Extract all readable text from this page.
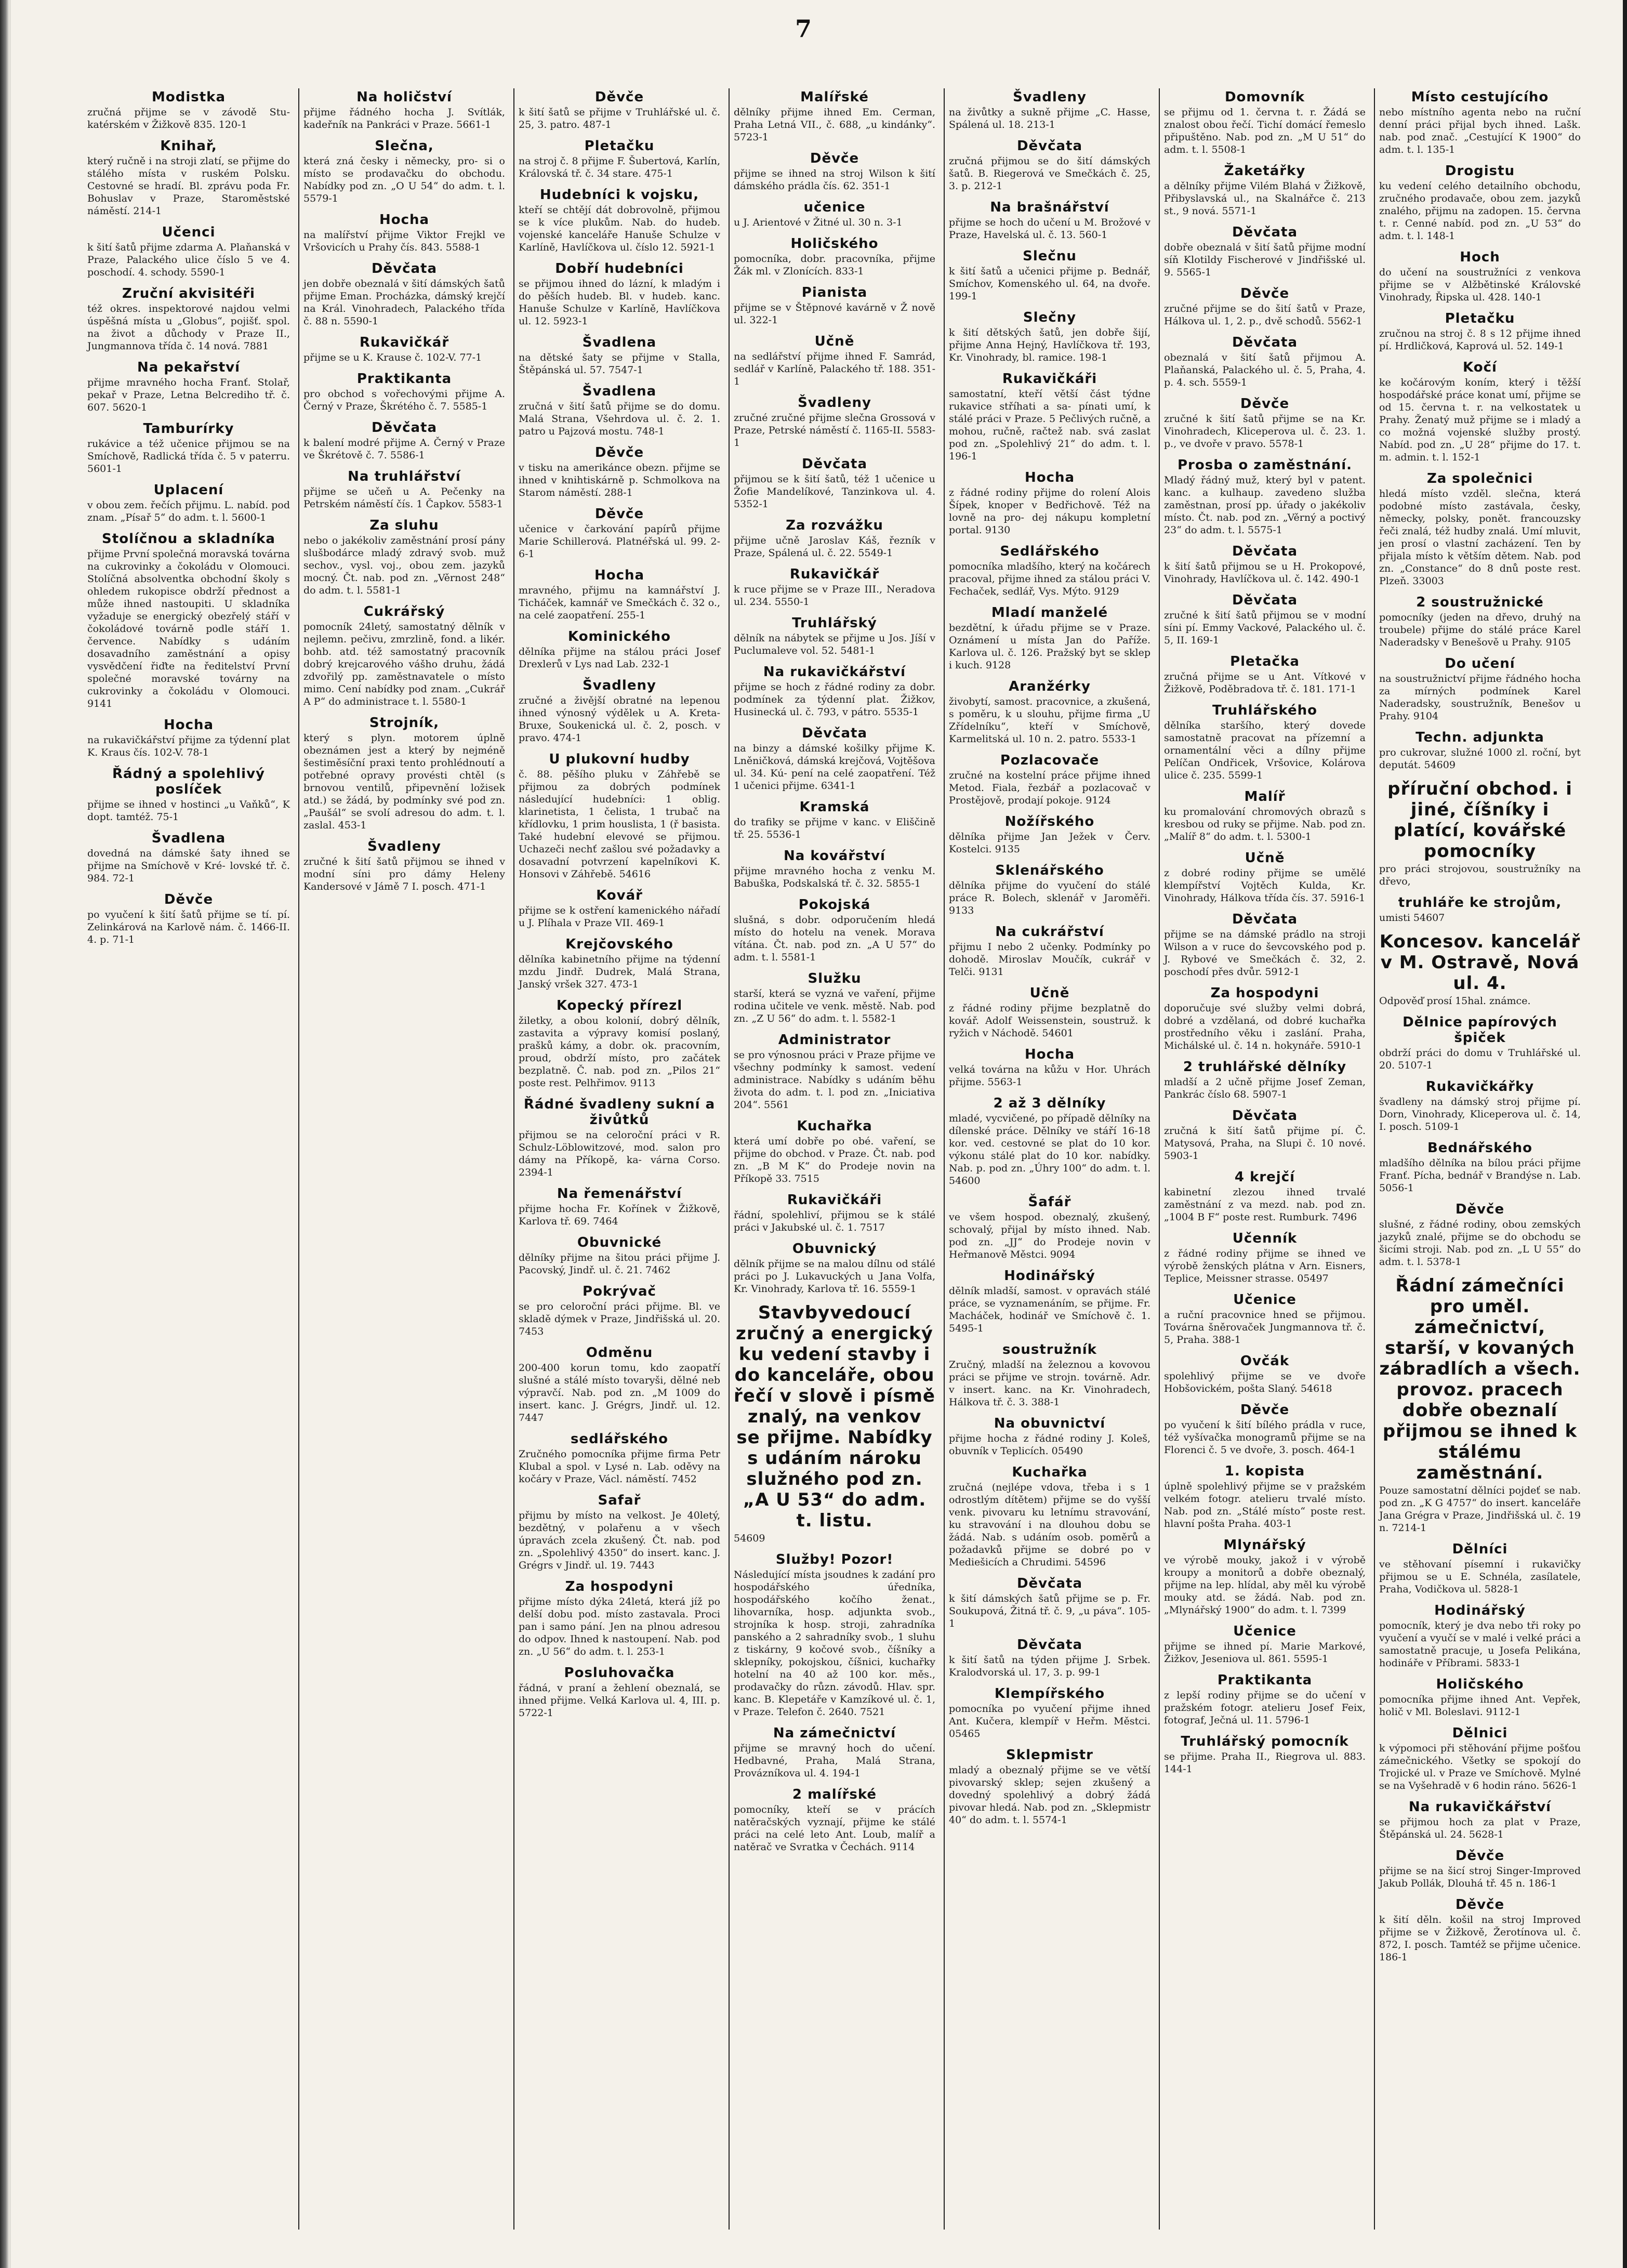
7
Modistka

zručná přijme se v závodě Stu-katérském v Žižkově 835. 120-1

Knihař,

který ručně i na stroji zlatí, se přijme do stálého místa v ruském Polsku. Cestovné se hradí. Bl. zprávu poda Fr. Bohuslav v Praze, Staroměstské náměstí. 214-1

Učenci

k šití šatů přijme zdarma A. Plaňanská v Praze, Palackého ulice číslo 5 ve 4. poschodí. 4. schody. 5590-1

Zruční akvisitéři

též okres. inspektorové najdou velmi úspěšná místa u „Globus“, pojišť. spol. na život a důchody v Praze II., Jungmannova třída č. 14 nová. 7881

Na pekařství

přijme mravného hocha Franť. Stolař, pekař v Praze, Letna Belcrediho tř. č. 607. 5620-1

Tamburírky

rukávice a též učenice přijmou se na Smíchově, Radlická třída č. 5 v paterru. 5601-1

Uplacení

v obou zem. řečích přijmu. L. nabíd. pod znam. „Písař 5“ do adm. t. l. 5600-1

Stolíčnou a skladníka

přijme První společná moravská továrna na cukrovinky a čokoládu v Olomouci. Stolíčná absolventka obchodní školy s ohledem rukopisce obdrží přednost a může ihned nastoupiti. U skladníka vyžaduje se energický obezřelý stáří v čokoládové továrně podle stáří 1. července. Nabídky s udáním dosavadního zaměstnání a opisy vysvědčení řiďte na ředitelství První společné moravské továrny na cukrovinky a čokoládu v Olomouci. 9141

Hocha

na rukavičkářství přijme za týdenní plat K. Kraus čís. 102-V. 78-1

Řádný a spolehlivý poslíček

přijme se ihned v hostinci „u Vaňků“, K dopt. tamtéž. 75-1

Švadlena

dovedná na dámské šaty ihned se přijme na Smíchově v Kré- lovské tř. č. 984. 72-1

Děvče

po vyučení k šití šatů přijme se tí. pí. Zelinkárová na Karlově nám. č. 1466-II. 4. p. 71-1

Na holičství

přijme řádného hocha J. Svítlák, kadeřník na Pankráci v Praze. 5661-1

Slečna,

která zná česky i německy, pro- si o místo se prodavačku do obchodu. Nabídky pod zn. „O U 54“ do adm. t. l. 5579-1

Hocha

na malířství přijme Viktor Frejkl ve Vršovicích u Prahy čís. 843. 5588-1

Děvčata

jen dobře obeznalá v šití dámských šatů přijme Eman. Procházka, dámský krejčí na Král. Vinohradech, Palackého třída č. 88 n. 5590-1

Rukavičkář

přijme se u K. Krause č. 102-V. 77-1

Praktikanta

pro obchod s vořechovými přijme A. Černý v Praze, Škrétého č. 7. 5585-1

Děvčata

k balení modré přijme A. Černý v Praze ve Škrétově č. 7. 5586-1

Na truhlářství

přijme se učeň u A. Pečenky na Petrském náměstí čís. 1 Čapkov. 5583-1

Za sluhu

nebo o jakékoliv zaměstnání prosí pány slušbodárce mladý zdravý svob. muž sechov., vysl. voj., obou zem. jazyků mocný. Čt. nab. pod zn. „Věrnost 248“ do adm. t. l. 5581-1

Cukrářský

pomocník 24letý, samostatný dělník v nejlemn. pečivu, zmrzlině, fond. a likér. bohb. atd. též samostatný pracovník dobrý krejcarového vášho druhu, žádá zdvořilý pp. zaměstnavatele o místo mimo. Cení nabídky pod znam. „Cukrář A P“ do administrace t. l. 5580-1

Strojník,

který s plyn. motorem úplně obeznámen jest a který by nejméně šestiměsíční praxi tento prohlédnoutí a potřebné opravy provésti chtěl (s brnovou ventilů, připevnění ložisek atd.) se žádá, by podmínky své pod zn. „Paušál“ se svolí adresou do adm. t. l. zaslal. 453-1

Švadleny

zručné k šití šatů přijmou se ihned v modní síni pro dámy Heleny Kandersové v Jámě 7 I. posch. 471-1

Děvče

k šití šatů se přijme v Truhlářské ul. č. 25, 3. patro. 487-1

Pletačku

na stroj č. 8 přijme F. Šubertová, Karlín, Královská tř. č. 34 stare. 475-1

Hudebníci k vojsku,

kteří se chtějí dát dobrovolně, přijmou se k více plukům. Nab. do hudeb. vojenské kanceláře Hanuše Schulze v Karlíně, Havlíčkova ul. číslo 12. 5921-1

Dobří hudebníci

se přijmou ihned do lázní, k mladým i do pěších hudeb. Bl. v hudeb. kanc. Hanuše Schulze v Karlíně, Havlíčkova ul. 12. 5923-1

Švadlena

na dětské šaty se přijme v Stalla, Štěpánská ul. 57. 7547-1

Švadlena

zručná v šití šatů přijme se do domu. Malá Strana, Všehrdova ul. č. 2. 1. patro u Pajzová mostu. 748-1

Děvče

v tisku na amerikánce obezn. přijme se ihned v knihtiskárně p. Schmolkova na Starom náměstí. 288-1

Děvče

učenice v čarkování papírů přijme Marie Schillerová. Platnéřská ul. 99. 2-6-1

Hocha

mravného, přijmu na kamnářství J. Ticháček, kamnář ve Smečkách č. 32 o., na celé zaopatření. 255-1

Kominického

dělníka přijme na stálou práci Josef Drexlerů v Lys nad Lab. 232-1

Švadleny

zručné a živější obratné na lepenou ihned výnosný výdělek u A. Kreta-Bruxe, Soukenická ul. č. 2, posch. v pravo. 474-1

U plukovní hudby

č. 88. pěšího pluku v Záhřebě se přijmou za dobrých podmínek následující hudebníci: 1 oblig. klarinetista, 1 čelista, 1 trubač na křídlovku, 1 prim houslista, 1 (ř basista. Také hudební elevové se přijmou. Uchazeči nechť zašlou své požadavky a dosavadní potvrzení kapelníkovi K. Honsovi v Záhřebě. 54616

Kovář

přijme se k ostření kamenického nářadí u J. Plíhala v Praze VII. 469-1

Krejčovského

dělníka kabinetního přijme na týdenní mzdu Jindř. Dudrek, Malá Strana, Janský vršek 327. 473-1

Kopecký přírezl

žiletky, a obou kolonií, dobrý dělník, zastavita a výpravy komisí poslaný, prašků kámy, a dobr. ok. pracovním, proud, obdrží místo, pro začátek bezplatně. Č. nab. pod zn. „Pilos 21“ poste rest. Pelhřimov. 9113

Řádné švadleny sukní a živůtků

přijmou se na celoroční práci v R. Schulz-Löblowitzové, mod. salon pro dámy na Příkopě, ka- várna Corso. 2394-1

Na řemenářství

přijme hocha Fr. Kořínek v Žižkově, Karlova tř. 69. 7464

Obuvnické

dělníky přijme na šitou práci přijme J. Pacovský, Jindř. ul. č. 21. 7462

Pokrývač

se pro celoroční práci přijme. Bl. ve skladě dýmek v Praze, Jindřišská ul. 20. 7453

Odměnu

200-400 korun tomu, kdo zaopatří slušné a stálé místo tovaryši, dělné neb výpravčí. Nab. pod zn. „M 1009 do insert. kanc. J. Grégrs, Jindř. ul. 12. 7447

sedlářského

Zručného pomocníka přijme firma Petr Klubal a spol. v Lysé n. Lab. oděvy na kočáry v Praze, Václ. náměstí. 7452

Safař

přijmu by místo na velkost. Je 40letý, bezdětný, v polařenu a v všech úpravách zcela zkušený. Čt. nab. pod zn. „Spolehlivý 4350“ do insert. kanc. J. Grégrs v Jindř. ul. 19. 7443

Za hospodyni

přijme místo dýka 24letá, která jíž po delší dobu pod. místo zastavala. Proci pan i samo pání. Jen na plnou adresou do odpov. Ihned k nastoupení. Nab. pod zn. „U 56“ do adm. t. l. 253-1

Posluhovačka

řádná, v praní a žehlení obeznalá, se ihned přijme. Velká Karlova ul. 4, III. p. 5722-1

Malířské

dělníky přijme ihned Em. Cerman, Praha Letná VII., č. 688, „u kindánky“. 5723-1

Děvče

přijme se ihned na stroj Wilson k šití dámského prádla čís. 62. 351-1

učenice

u J. Arientové v Žitné ul. 30 n. 3-1

Holičského

pomocníka, dobr. pracovníka, přijme Žák ml. v Zlonících. 833-1

Pianista

přijme se v Štěpnové kavárně v Ž nově ul. 322-1

Učně

na sedlářství přijme ihned F. Samrád, sedlář v Karlíně, Palackého tř. 188. 351-1

Švadleny

zručné zručné přijme slečna Grossová v Praze, Petrské náměstí č. 1165-II. 5583-1

Děvčata

přijmou se k šití šatů, též 1 učenice u Žofie Mandelíkové, Tanzinkova ul. 4. 5352-1

Za rozvážku

přijme učně Jaroslav Káš, řezník v Praze, Spálená ul. č. 22. 5549-1

Rukavičkář

k ruce přijme se v Praze III., Neradova ul. 234. 5550-1

Truhlářský

dělník na nábytek se přijme u Jos. Jíší v Puclumaleve vol. 52. 5481-1

Na rukavičkářství

přijme se hoch z řádné rodiny za dobr. podmínek za týdenní plat. Žižkov, Husinecká ul. č. 793, v pátro. 5535-1

Děvčata

na binzy a dámské košilky přijme K. Lněničková, dámská krejčová, Vojtěšova ul. 34. Kú- pení na celé zaopatření. Též 1 učenici přijme. 6341-1

Kramská

do trafiky se přijme v kanc. v Eliščině tř. 25. 5536-1

Na kovářství

přijme mravného hocha z venku M. Babuška, Podskalská tř. č. 32. 5855-1

Pokojská

slušná, s dobr. odporučením hledá místo do hotelu na venek. Morava vítána. Čt. nab. pod zn. „A U 57“ do adm. t. l. 5581-1

Služku

starší, která se vyzná ve vaření, přijme rodina učitele ve venk. městě. Nab. pod zn. „Z U 56“ do adm. t. l. 5582-1

Administrator

se pro výnosnou práci v Praze přijme ve všechny podmínky k samost. vedení administrace. Nabídky s udáním běhu života do adm. t. l. pod zn. „Iniciativa 204“. 5561

Kuchařka

která umí dobře po obé. vaření, se přijme do obchod. v Praze. Čt. nab. pod zn. „B M K“ do Prodeje novin na Příkopě 33. 7515

Rukavičkáři

řádní, spolehliví, přijmou se k stálé práci v Jakubské ul. č. 1. 7517

Obuvnický

dělník přijme se na malou dílnu od stálé práci po J. Lukavuckých u Jana Volfa, Kr. Vinohrady, Karlova tř. 16. 5559-1

Stavbyvedoucí zručný a energický ku vedení stavby i do kanceláře, obou řečí v slově i písmě znalý, na venkov se přijme. Nabídky s udáním nároku služného pod zn. „A U 53“ do adm. t. listu.

54609

Služby! Pozor!

Následující místa jsoudnes k zadání pro hospodářského úředníka, hospodářského kočího ženat., lihovarníka, hosp. adjunkta svob., strojníka k hosp. stroji, zahradníka panského a 2 sahradníky svob., 1 sluhu z tiskárny, 9 kočové svob., číšníky a sklepníky, pokojskou, číšnici, kuchařky hotelní na 40 až 100 kor. měs., prodavačky do různ. závodů. Hlav. spr. kanc. B. Klepetáře v Kamzíkové ul. č. 1, v Praze. Telefon č. 2640. 7521

Na zámečnictví

přijme se mravný hoch do učení. Hedbavné, Praha, Malá Strana, Provázníkova ul. 4. 194-1

2 malířské

pomocníky, kteří se v prácích natěračských vyznají, přijme ke stálé práci na celé leto Ant. Loub, malíř a natěrač ve Svratka v Čechách. 9114

Švadleny

na živůtky a sukně přijme „C. Hasse, Spálená ul. 18. 213-1

Děvčata

zručná přijmou se do šití dámských šatů. B. Riegerová ve Smečkách č. 25, 3. p. 212-1

Na brašnářství

přijme se hoch do učení u M. Brožové v Praze, Havelská ul. č. 13. 560-1

Slečnu

k šití šatů a učenici přijme p. Bednář, Smíchov, Komenského ul. 64, na dvoře. 199-1

Slečny

k šití dětských šatů, jen dobře šijí, přijme Anna Hejný, Havlíčkova tř. 193, Kr. Vinohrady, bl. ramice. 198-1

Rukavičkáři

samostatní, kteří větší část týdne rukavice stříhati a sa- pínati umí, k stálé práci v Praze. 5 Pečlivých ručně, a mohou, ručně, račtež nab. svá zaslat pod zn. „Spolehlivý 21“ do adm. t. l. 196-1

Hocha

z řádné rodiny přijme do rolení Alois Šípek, knoper v Bedřichově. Též na lovně na pro- dej nákupu kompletní portal. 9130

Sedlářského

pomocníka mladšího, který na kočárech pracoval, přijme ihned za stálou práci V. Fechaček, sedlář, Vys. Mýto. 9129

Mladí manželé

bezdětní, k úřadu přijme se v Praze. Oznámení u místa Jan do Paříže. Karlova ul. č. 126. Pražský byt se sklep i kuch. 9128

Aranžérky

živobytí, samost. pracovnice, a zkušená, s poměru, k u slouhu, přijme firma „U Zřídelníku“, kteří v Smíchově, Karmelitská ul. 10 n. 2. patro. 5533-1

Pozlacovače

zručné na kostelní práce přijme ihned Metod. Fiala, řezbář a pozlacovač v Prostějově, prodají pokoje. 9124

Nožířského

dělníka přijme Jan Ježek v Červ. Kostelci. 9135

Sklenářského

dělníka přijme do vyučení do stálé práce R. Bolech, sklenář v Jaroměři. 9133

Na cukrářství

přijmu I nebo 2 učenky. Podmínky po dohodě. Miroslav Moučík, cukrář v Telči. 9131

Učně

z řádné rodiny přijme bezplatně do kovář. Adolf Weissenstein, soustruž. k ryžich v Náchodě. 54601

Hocha

velká továrna na kůžu v Hor. Uhrách přijme. 5563-1

2 až 3 dělníky

mladé, vycvičené, po případě dělníky na dílenské práce. Dělníky ve stáří 16-18 kor. ved. cestovné se plat do 10 kor. výkonu stálé plat do 10 kor. nabídky. Nab. p. pod zn. „Úhry 100“ do adm. t. l. 54600

Šafář

ve všem hospod. obeznalý, zkušený, schovalý, přijal by místo ihned. Nab. pod zn. „JJ“ do Prodeje novin v Heřmanově Městci. 9094

Hodinářský

dělník mladší, samost. v opravách stálé práce, se vyznamenáním, se přijme. Fr. Macháček, hodinář ve Smíchově č. 1. 5495-1

soustružník

Zručný, mladší na železnou a kovovou práci se přijme ve strojn. továrně. Adr. v insert. kanc. na Kr. Vinohradech, Hálkova tř. č. 3. 388-1

Na obuvnictví

přijme hocha z řádné rodiny J. Koleš, obuvník v Teplicích. 05490

Kuchařka

zručná (nejlépe vdova, třeba i s 1 odrostlým dítětem) přijme se do vyšší venk. pivovaru ku letnímu stravování, ku stravování i na dlouhou dobu se žádá. Nab. s udáním osob. poměrů a požadavků přijme se dobré po v Mediešicích a Chrudimi. 54596

Děvčata

k šití dámských šatů přijme se p. Fr. Soukupová, Žitná tř. č. 9, „u páva“. 105-1

Děvčata

k šití šatů na týden přijme J. Srbek. Kralodvorská ul. 17, 3. p. 99-1

Klempířského

pomocníka po vyučení přijme ihned Ant. Kučera, klempíř v Heřm. Městci. 05465

Sklepmistr

mladý a obeznalý přijme se ve větší pivovarský sklep; sejen zkušený a dovedný spolehlivý a dobrý žádá pivovar hledá. Nab. pod zn. „Sklepmistr 40“ do adm. t. l. 5574-1

Domovník

se přijmu od 1. června t. r. Žádá se znalost obou řečí. Tichí domácí řemeslo připuštěno. Nab. pod zn. „M U 51“ do adm. t. l. 5508-1

Žaketářky

a dělníky přijme Vilém Blahá v Žižkově, Přibyslavská ul., na Skalnářce č. 213 st., 9 nová. 5571-1

Děvčata

dobře obeznalá v šití šatů přijme modní síň Klotildy Fischerové v Jindřišské ul. 9. 5565-1

Děvče

zručné přijme se do šití šatů v Praze, Hálkova ul. 1, 2. p., dvě schodů. 5562-1

Děvčata

obeznalá v šití šatů přijmou A. Plaňanská, Palackého ul. č. 5, Praha, 4. p. 4. sch. 5559-1

Děvče

zručné k šití šatů přijme se na Kr. Vinohradech, Kliceperova ul. č. 23. 1. p., ve dvoře v pravo. 5578-1

Prosba o zaměstnání.

Mladý řádný muž, který byl v patent. kanc. a kulhaup. zavedeno služba zaměstnan, prosí pp. úřady o jakékoliv místo. Čt. nab. pod zn. „Věrný a poctivý 23“ do adm. t. l. 5575-1

Děvčata

k šití šatů přijmou se u H. Prokopové, Vinohrady, Havlíčkova ul. č. 142. 490-1

Děvčata

zručné k šití šatů přijmou se v modní síni pí. Emmy Vackové, Palackého ul. č. 5, II. 169-1

Pletačka

zručná přijme se u Ant. Vítkové v Žižkově, Poděbradova tř. č. 181. 171-1

Truhlářského

dělníka staršího, který dovede samostatně pracovat na přízemní a ornamentální věci a dílny přijme Pelíčan Ondřicek, Vršovice, Kolárova ulice č. 235. 5599-1

Malíř

ku promalování chromových obrazů s kresbou od ruky se přijme. Nab. pod zn. „Malíř 8“ do adm. t. l. 5300-1

Učně

z dobré rodiny přijme se umělé klempířství Vojtěch Kulda, Kr. Vinohrady, Hálkova třída čís. 37. 5916-1

Děvčata

přijme se na dámské prádlo na stroji Wilson a v ruce do ševcovského pod p. J. Rybové ve Smečkách č. 32, 2. poschodí přes dvůr. 5912-1

Za hospodyni

doporučuje své služby velmi dobrá, dobré a vzdělaná, od dobré kuchařka prostředního věku i zaslání. Praha, Michálské ul. č. 14 n. hokynáře. 5910-1

2 truhlářské dělníky

mladší a 2 učně přijme Josef Zeman, Pankrác číslo 68. 5907-1

Děvčata

zručná k šití šatů přijme pí. Č. Matysová, Praha, na Slupi č. 10 nové. 5903-1

4 krejčí

kabinetní zlezou ihned trvalé zaměstnání z va mezd. nab. pod zn. „1004 B F“ poste rest. Rumburk. 7496

Učenník

z řádné rodiny přijme se ihned ve výrobě ženských plátna v Arn. Eisners, Teplice, Meissner strasse. 05497

Učenice

a ruční pracovnice hned se přijmou. Továrna šněrovaček Jungmannova tř. č. 5, Praha. 388-1

Ovčák

spolehlivý přijme se ve dvoře Hobšovickém, pošta Slaný. 54618

Děvče

po vyučení k šití bílého prádla v ruce, též vyšívačka monogramů přijme se na Florenci č. 5 ve dvoře, 3. posch. 464-1

1. kopista

úplně spolehlivý přijme se v pražském velkém fotogr. atelieru trvalé místo. Nab. pod zn. „Stálé místo“ poste rest. hlavní pošta Praha. 403-1

Mlynářský

ve výrobě mouky, jakož i v výrobě kroupy a monitorů a dobře obeznalý, přijme na lep. hlídal, aby měl ku výrobě mouky atd. se žádá. Nab. pod zn. „Mlynářský 1900“ do adm. t. l. 7399

Učenice

přijme se ihned pí. Marie Markové, Žižkov, Jeseniova ul. 861. 5595-1

Praktikanta

z lepší rodiny přijme se do učení v pražském fotogr. atelieru Josef Feix, fotograf, Ječná ul. 11. 5796-1

Truhlářský pomocník

se přijme. Praha II., Riegrova ul. 883. 144-1

Místo cestujícího

nebo místního agenta nebo na ruční denní práci přijal bych ihned. Lašk. nab. pod znač. „Cestující K 1900“ do adm. t. l. 135-1

Drogistu

ku vedení celého detailního obchodu, zručného prodavače, obou zem. jazyků znalého, přijmu na zadopen. 15. června t. r. Cenné nabíd. pod zn. „U 53“ do adm. t. l. 148-1

Hoch

do učení na soustružníci z venkova přijme se v Alžbětinské Královské Vinohrady, Řipska ul. 428. 140-1

Pletačku

zručnou na stroj č. 8 s 12 přijme ihned pí. Hrdličková, Kaprová ul. 52. 149-1

Kočí

ke kočárovým koním, který i těžší hospodářské práce konat umí, přijme se od 15. června t. r. na velkostatek u Prahy. Ženatý muž přijme se i mladý a co možná vojenské služby prostý. Nabíd. pod zn. „U 28“ přijme do 17. t. m. admin. t. l. 152-1

Za společnici

hledá místo vzděl. slečna, která podobné místo zastávala, česky, německy, polsky, ponět. francouzsky řeči znalá, též hudby znalá. Umí mluvit, jen prosí o vlastní zacházení. Ten by přijala místo k větším dětem. Nab. pod zn. „Constance“ do 8 dnů poste rest. Plzeň. 33003

2 soustružnické

pomocníky (jeden na dřevo, druhý na troubele) přijme do stálé práce Karel Naderadsky v Benešově u Prahy. 9105

Do učení

na soustružnictví přijme řádného hocha za mírných podmínek Karel Naderadsky, soustružník, Benešov u Prahy. 9104

Techn. adjunkta

pro cukrovar, služné 1000 zl. roční, byt deputát. 54609

příruční obchod. i jiné, číšníky i platící, kovářské pomocníky

pro práci strojovou, soustružníky na dřevo,

truhláře ke strojům,

umisti 54607

Koncesov. kancelář v M. Ostravě, Nová ul. 4.

Odpověď prosí 15hal. známce.

Dělnice papírových špiček

obdrží práci do domu v Truhlářské ul. 20. 5107-1

Rukavičkářky

švadleny na dámský stroj přijme pí. Dorn, Vinohrady, Kliceperova ul. č. 14, I. posch. 5109-1

Bednářského

mladšího dělníka na bílou práci přijme Franť. Pícha, bednář v Brandýse n. Lab. 5056-1

Děvče

slušné, z řádné rodiny, obou zemských jazyků znalé, přijme se do obchodu se šicími stroji. Nab. pod zn. „L U 55“ do adm. t. l. 5378-1

Řádní zámečníci pro uměl. zámečnictví, starší, v kovaných zábradlích a všech. provoz. pracech dobře obeznalí přijmou se ihned k stálému zaměstnání.

Pouze samostatní dělníci pojdeť se nab. pod zn. „K G 4757“ do insert. kanceláře Jana Grégra v Praze, Jindřišská ul. č. 19 n. 7214-1

Dělníci

ve stěhovaní písemní i rukavičky přijmou se u E. Schnéla, zasílatele, Praha, Vodičkova ul. 5828-1

Hodinářský

pomocník, který je dva nebo tři roky po vyučení a vyučí se v malé i velké práci a samostatně pracuje, u Josefa Pelikána, hodináře v Příbrami. 5833-1

Holičského

pomocníka přijme ihned Ant. Vepřek, holič v Ml. Boleslavi. 9112-1

Dělnici

k výpomoci při stěhování přijme pošťou zámečnického. Všetky se spokojí do Trojické ul. v Praze ve Smíchově. Mylné se na Vyšehradě v 6 hodin ráno. 5626-1

Na rukavičkářství

se přijmou hoch za plat v Praze, Štěpánská ul. 24. 5628-1

Děvče

přijme se na šicí stroj Singer-Improved Jakub Pollák, Dlouhá tř. 45 n. 186-1

Děvče

k šití děln. košil na stroj Improved přijme se v Žižkově, Žerotínova ul. č. 872, I. posch. Tamtéž se přijme učenice. 186-1
